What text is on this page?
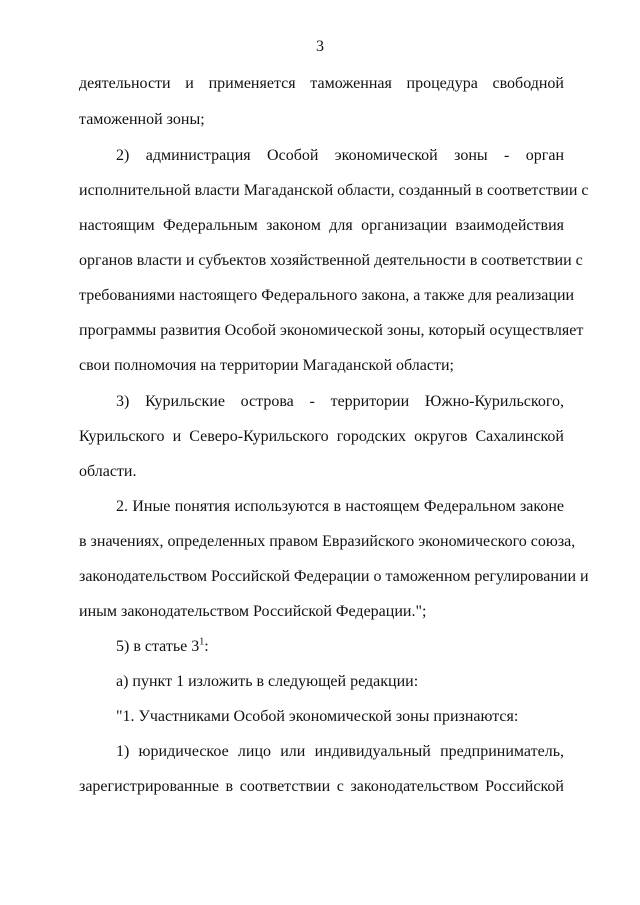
3
деятельности и применяется таможенная процедура свободной
таможенной зоны;
2) администрация Особой экономической зоны - орган
исполнительной власти Магаданской области, созданный в соответствии с
настоящим Федеральным законом для организации взаимодействия
органов власти и субъектов хозяйственной деятельности в соответствии с
требованиями настоящего Федерального закона, а также для реализации
программы развития Особой экономической зоны, который осуществляет
свои полномочия на территории Магаданской области;
3) Курильские острова - территории Южно-Курильского,
Курильского и Северо-Курильского городских округов Сахалинской
области.
2. Иные понятия используются в настоящем Федеральном законе
в значениях, определенных правом Евразийского экономического союза,
законодательством Российской Федерации о таможенном регулировании и
иным законодательством Российской Федерации.";
5) в статье $3^1$:
а) пункт 1 изложить в следующей редакции:
"1. Участниками Особой экономической зоны признаются:
1) юридическое лицо или индивидуальный предприниматель,
зарегистрированные в соответствии с законодательством Российской
